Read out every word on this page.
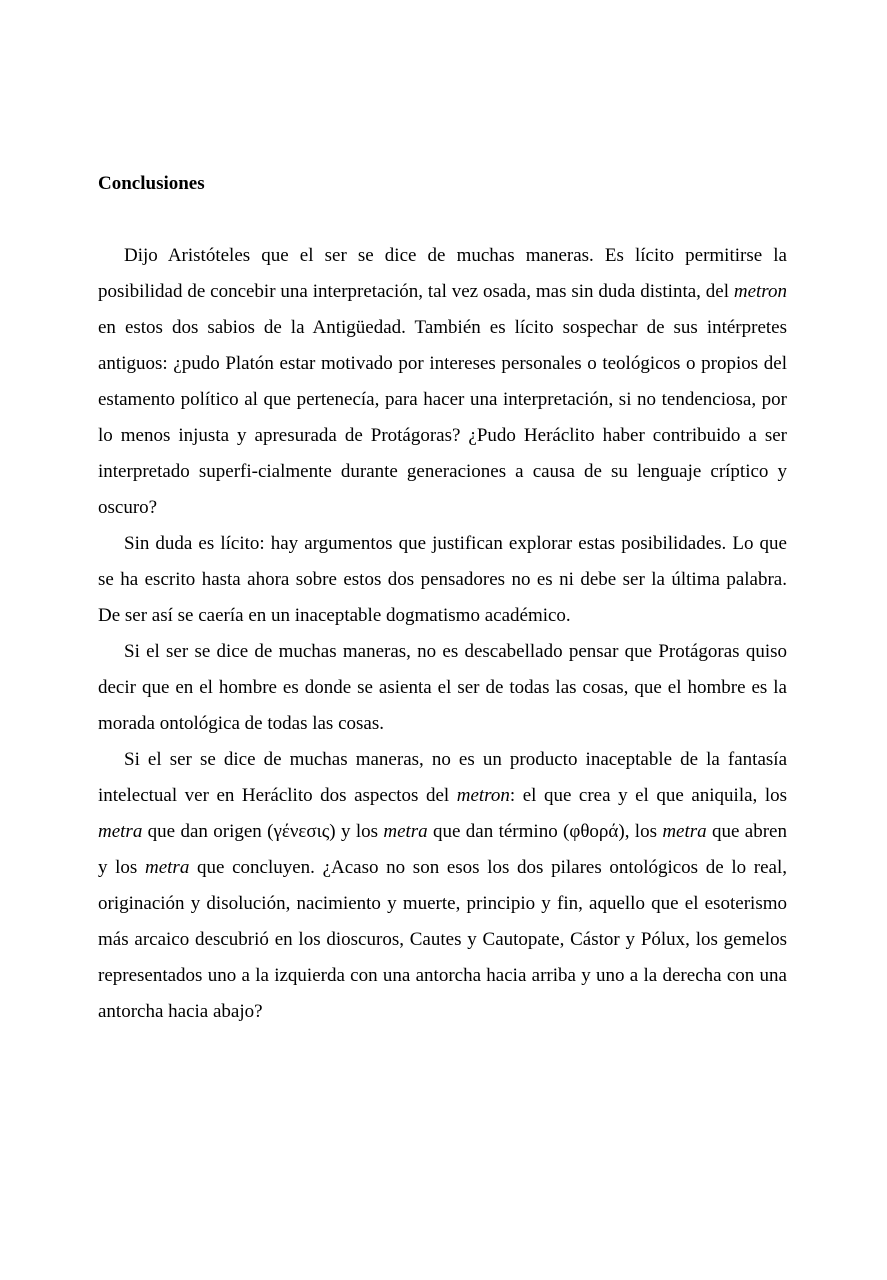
Conclusiones

Dijo Aristóteles que el ser se dice de muchas maneras. Es lícito permitirse la posibilidad de concebir una interpretación, tal vez osada, mas sin duda distinta, del metron en estos dos sabios de la Antigüedad. También es lícito sospechar de sus intérpretes antiguos: ¿pudo Platón estar motivado por intereses personales o teológicos o propios del estamento político al que pertenecía, para hacer una interpretación, si no tendenciosa, por lo menos injusta y apresurada de Protágoras? ¿Pudo Heráclito haber contribuido a ser interpretado superfi-cialmente durante generaciones a causa de su lenguaje críptico y oscuro?

Sin duda es lícito: hay argumentos que justifican explorar estas posibilidades. Lo que se ha escrito hasta ahora sobre estos dos pensadores no es ni debe ser la última palabra. De ser así se caería en un inaceptable dogmatismo académico.

Si el ser se dice de muchas maneras, no es descabellado pensar que Protágoras quiso decir que en el hombre es donde se asienta el ser de todas las cosas, que el hombre es la morada ontológica de todas las cosas.

Si el ser se dice de muchas maneras, no es un producto inaceptable de la fantasía intelectual ver en Heráclito dos aspectos del metron: el que crea y el que aniquila, los metra que dan origen (γένεσις) y los metra que dan término (φθορά), los metra que abren y los metra que concluyen. ¿Acaso no son esos los dos pilares ontológicos de lo real, originación y disolución, nacimiento y muerte, principio y fin, aquello que el esoterismo más arcaico descubrió en los dioscuros, Cautes y Cautopate, Cástor y Pólux, los gemelos representados uno a la izquierda con una antorcha hacia arriba y uno a la derecha con una antorcha hacia abajo?
